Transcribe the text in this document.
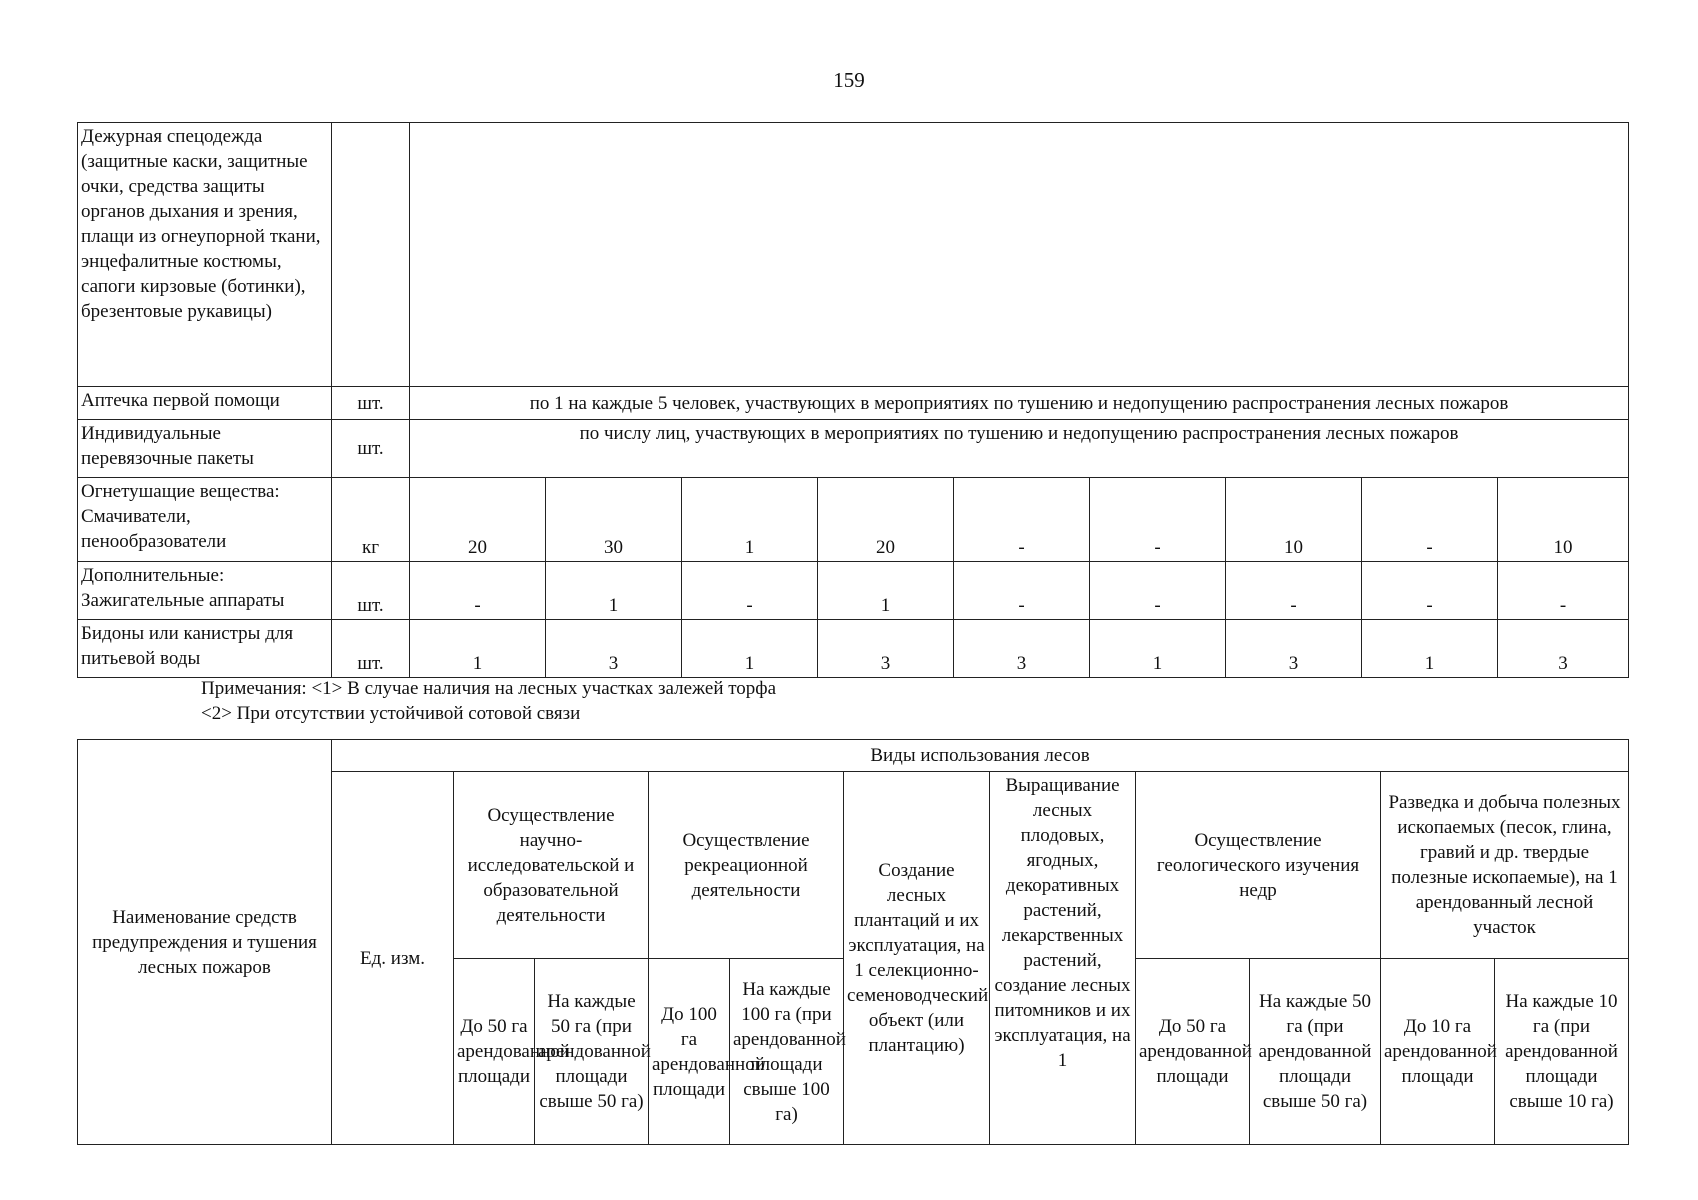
159
Дежурная спецодежда (защитные каски, защитные очки, средства защиты органов дыхания и зрения, плащи из огнеупорной ткани, энцефалитные костюмы, сапоги кирзовые (ботинки), брезентовые рукавицы)										
Аптечка первой помощи	шт.	по 1 на каждые 5 человек, участвующих в мероприятиях по тушению и недопущению распространения лесных пожаров								
Индивидуальные перевязочные пакеты	шт.	по числу лиц, участвующих в мероприятиях по тушению и недопущению распространения лесных пожаров								
Огнетушащие вещества: Смачиватели, пенообразователи	кг	20	30	1	20	-	-	10	-	10
Дополнительные: Зажигательные аппараты	шт.	-	1	-	1	-	-	-	-	-
Бидоны или канистры для питьевой воды	шт.	1	3	1	3	3	1	3	1	3
Примечания: <1> В случае наличия на лесных участках залежей торфа
<2> При отсутствии устойчивой сотовой связи
Наименование средств предупреждения и тушения лесных пожаров	Виды использования лесов										
	Ед. изм.	Осуществление научно-исследовательской и образовательной деятельности		Осуществление рекреационной деятельности		Создание лесных плантаций и их эксплуатация, на 1 селекционно-семеноводческий объект (или плантацию)	Выращивание лесных плодовых, ягодных, декоративных растений, лекарственных растений, создание лесных питомников и их эксплуатация, на 1	Осуществление геологического изучения недр		Разведка и добыча полезных ископаемых (песок, глина, гравий и др. твердые полезные ископаемые), на 1 арендованный лесной участок	
		До 50 га арендованной площади	На каждые 50 га (при арендованной площади свыше 50 га)	До 100 га арендованной площади	На каждые 100 га (при арендованной площади свыше 100 га)			До 50 га арендованной площади	На каждые 50 га (при арендованной площади свыше 50 га)	До 10 га арендованной площади	На каждые 10 га (при арендованной площади свыше 10 га)
